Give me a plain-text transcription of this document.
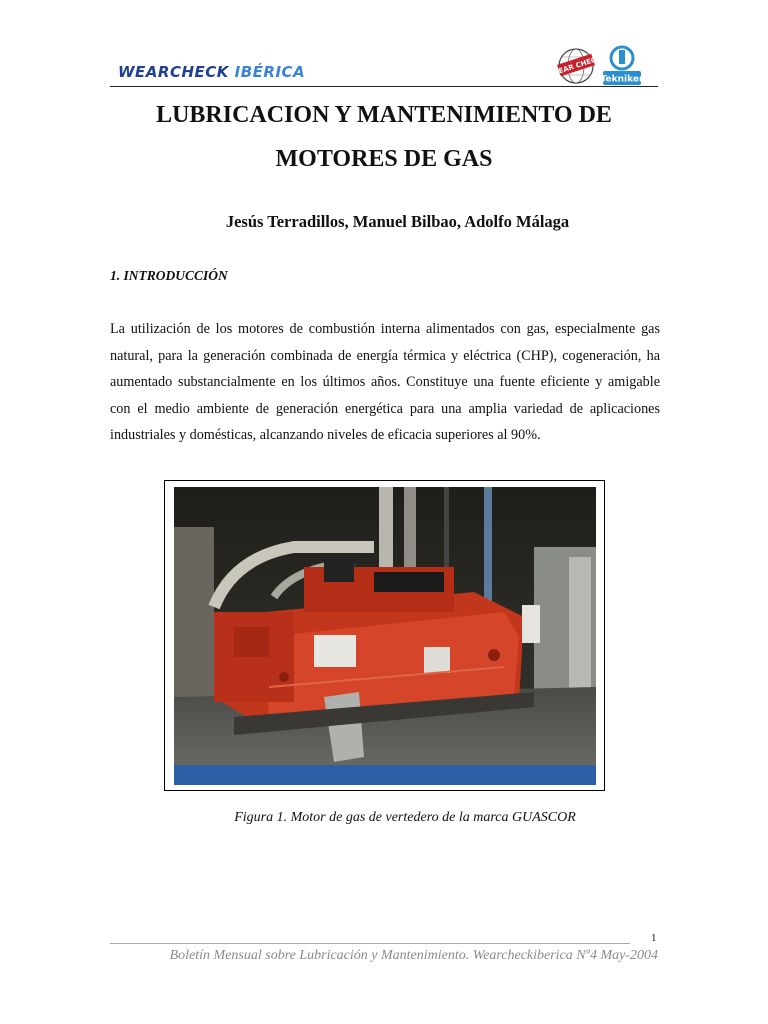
WEARCHECK IBÉRICA	WEAR CHECK
Tekniker
LUBRICACION Y MANTENIMIENTO DE
MOTORES DE GAS

Jesús Terradillos, Manuel Bilbao, Adolfo Málaga

1. INTRODUCCIÓN

La utilización de los motores de combustión interna alimentados con gas, especialmente gas natural, para la generación combinada de energía térmica y eléctrica (CHP), cogeneración, ha aumentado substancialmente en los últimos años. Constituye una fuente eficiente y amigable con el medio ambiente de generación energética para una amplia variedad de aplicaciones industriales y domésticas, alcanzando niveles de eficacia superiores al 90%.

Figura 1. Motor de gas de vertedero de la marca GUASCOR

1

Boletín Mensual sobre Lubricación y Mantenimiento. Wearcheckiberica Nº4 May-2004
